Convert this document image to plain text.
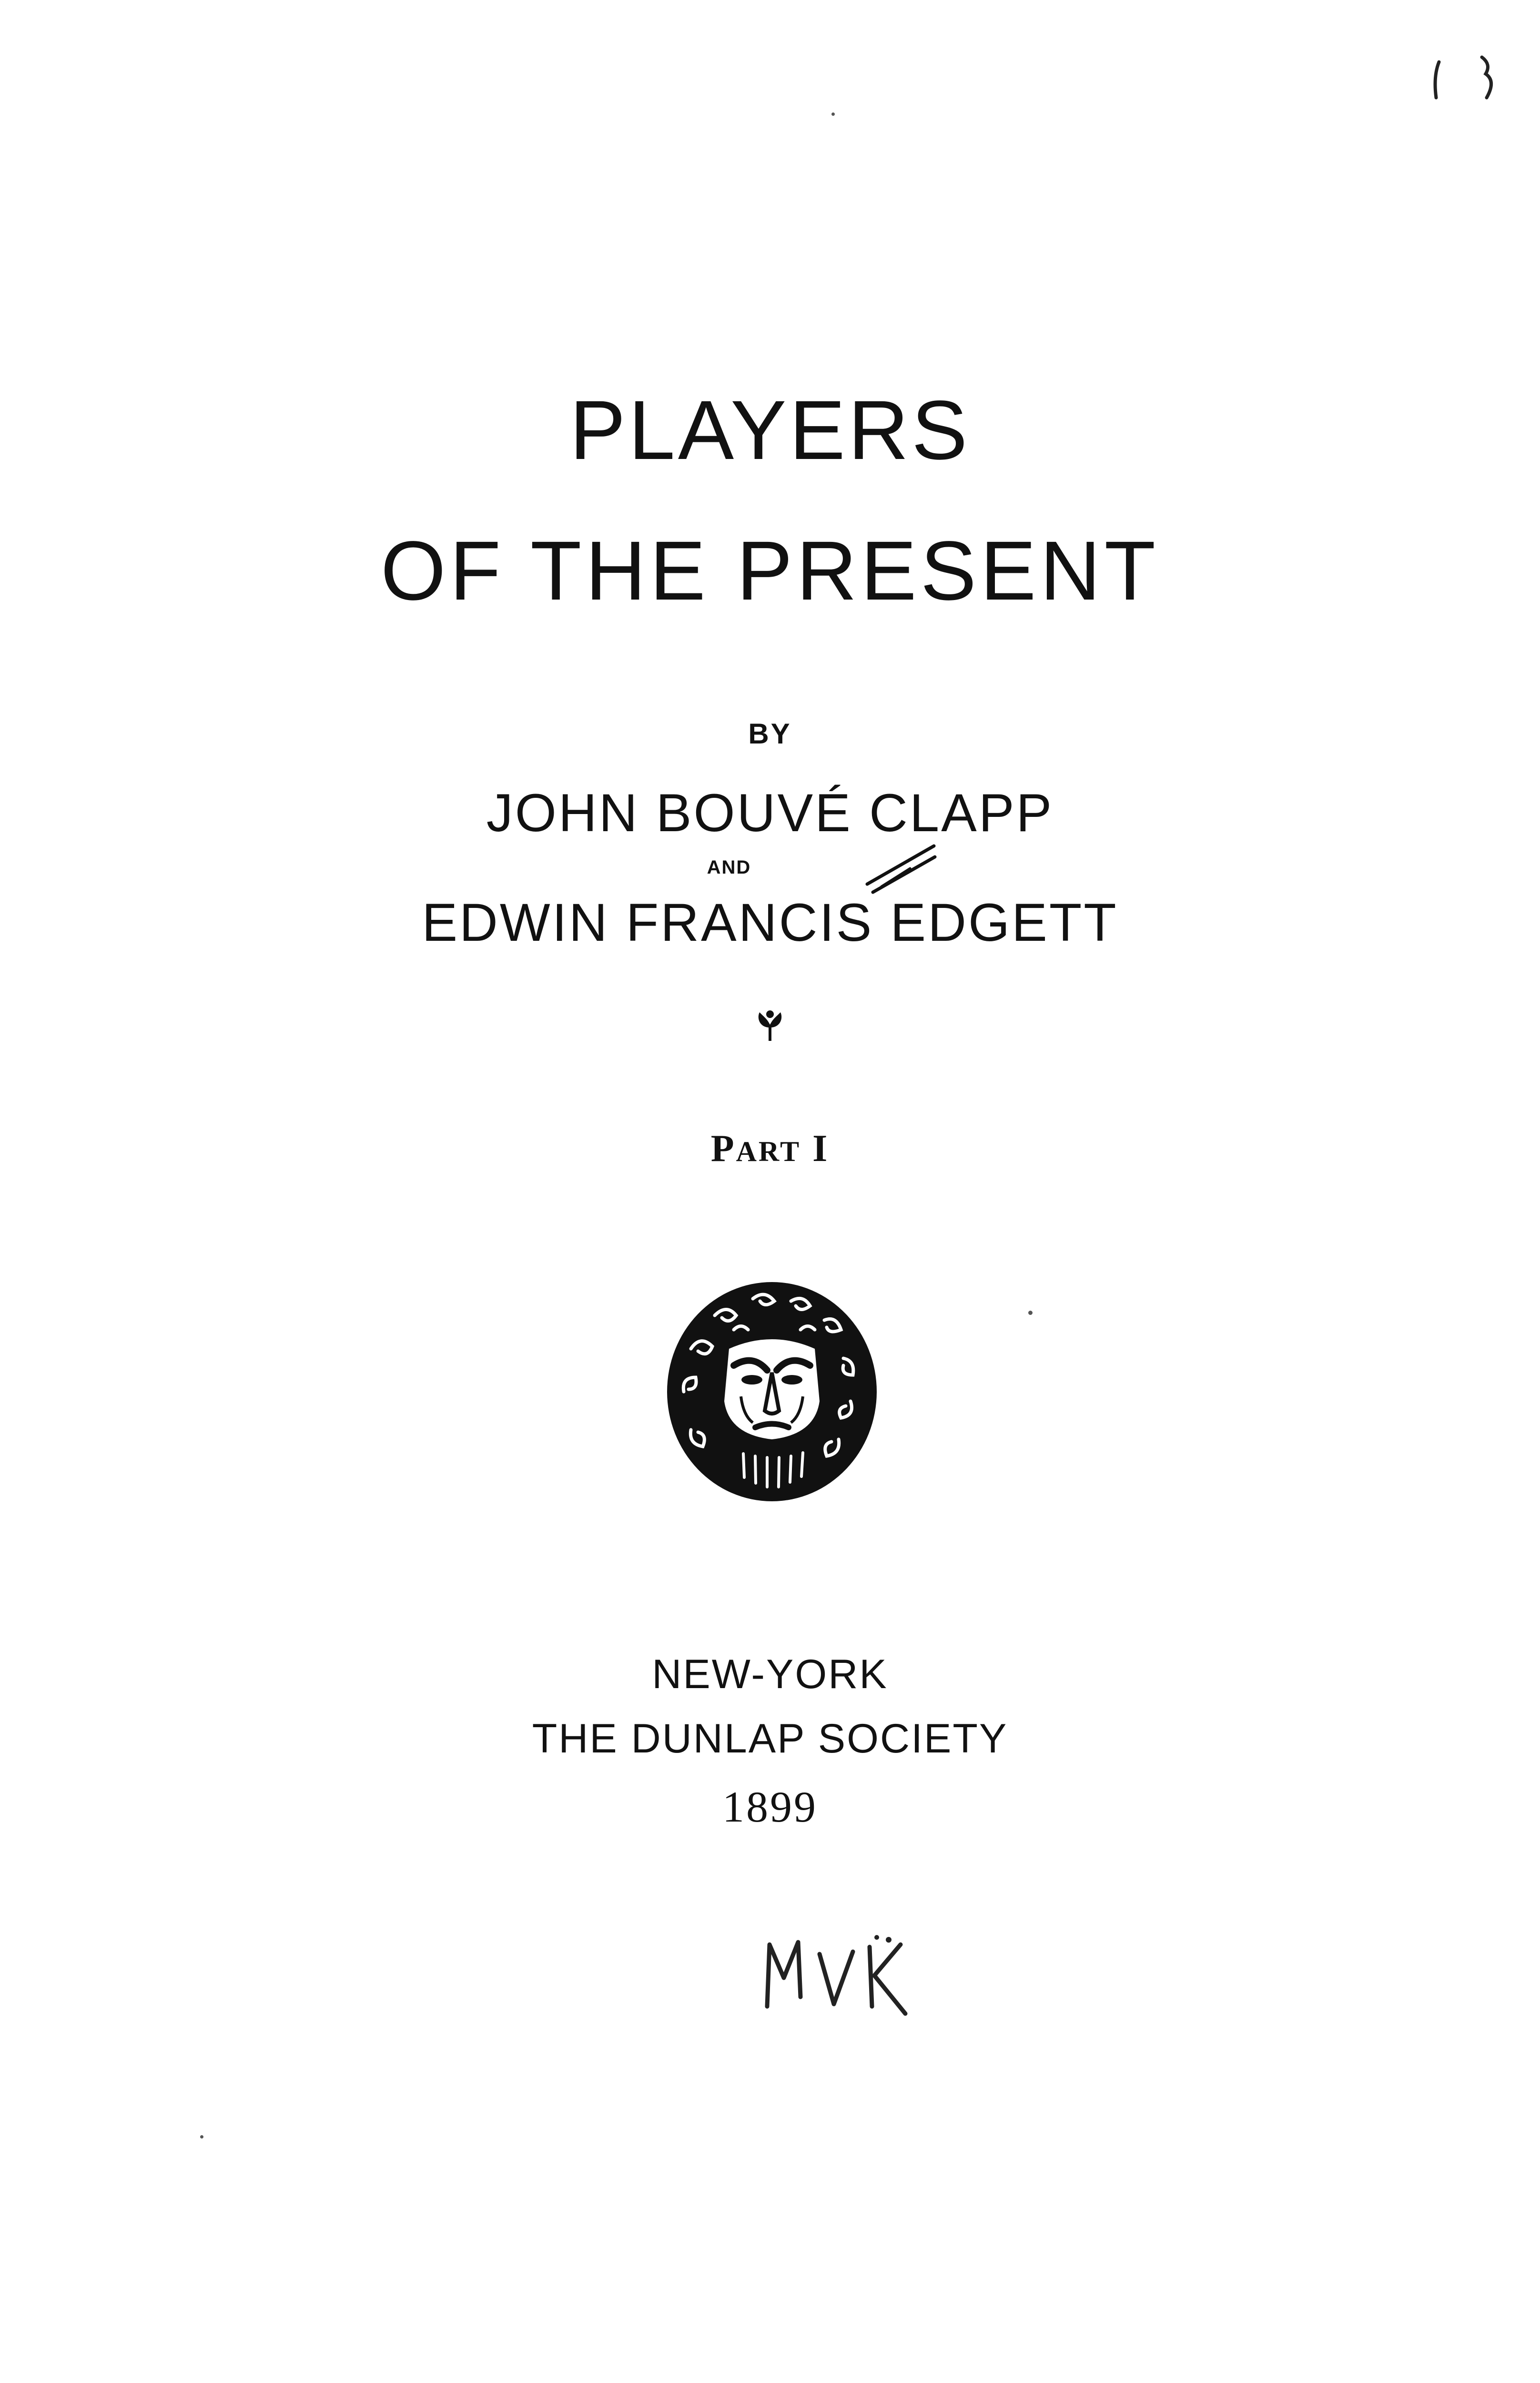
PLAYERS
OF THE PRESENT
BY
JOHN BOUVÉ CLAPP
AND
EDWIN FRANCIS EDGETT
PART I
NEW-YORK
THE DUNLAP SOCIETY
1899
